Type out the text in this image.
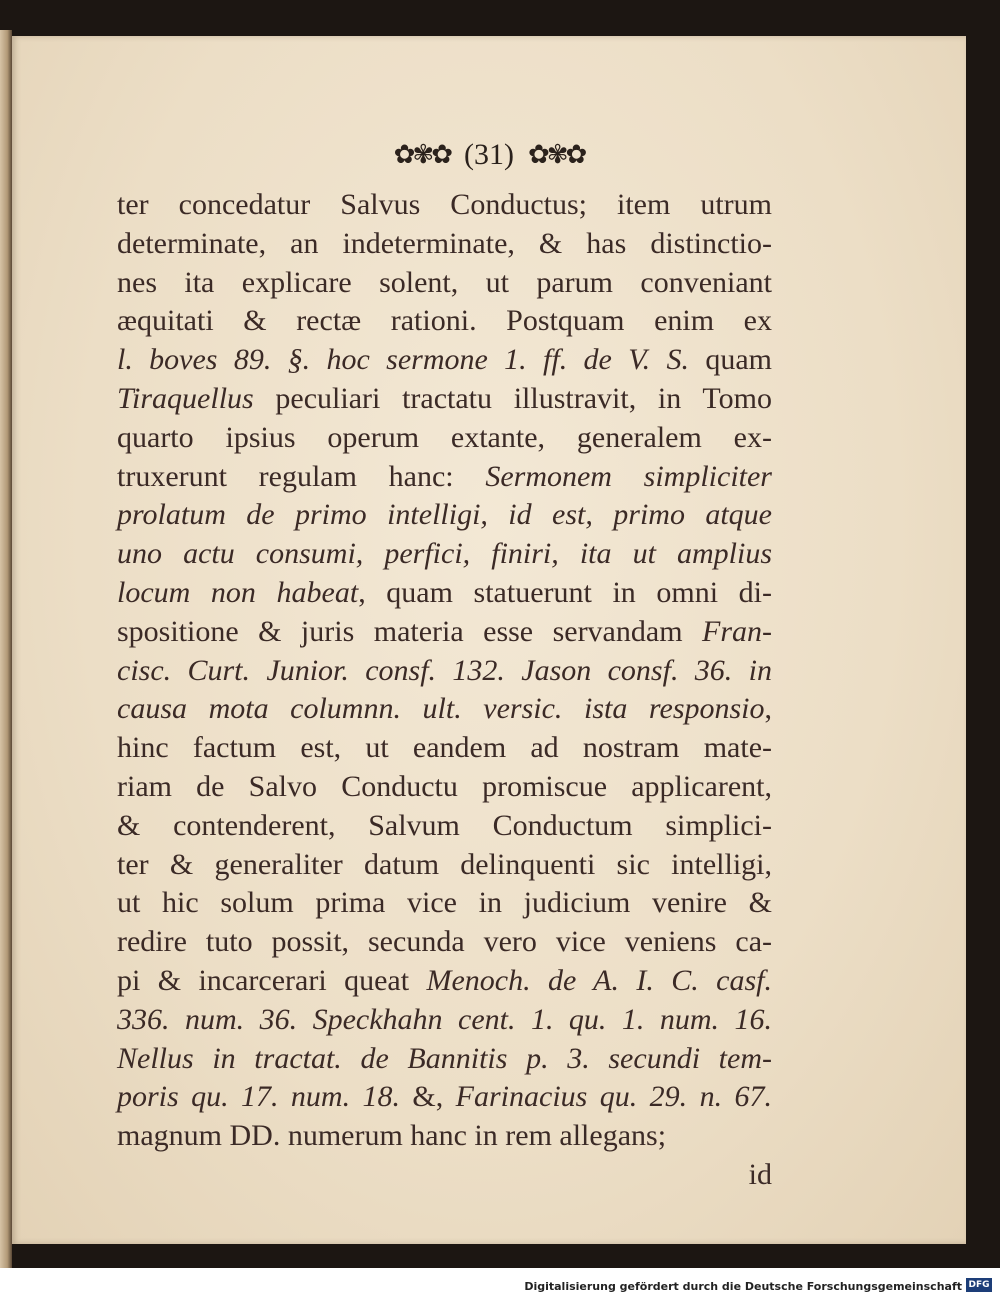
✿✾✿ (31) ✿✾✿
ter concedatur Salvus Conductus; item utrum
determinate, an indeterminate, & has distinctio-
nes ita explicare solent, ut parum conveniant
æquitati & rectæ rationi. Postquam enim ex
l. boves 89. §. hoc sermone 1. ff. de V. S. quam
Tiraquellus peculiari tractatu illustravit, in Tomo
quarto ipsius operum extante, generalem ex-
truxerunt regulam hanc: Sermonem simpliciter
prolatum de primo intelligi, id est, primo atque
uno actu consumi, perfici, finiri, ita ut amplius
locum non habeat, quam statuerunt in omni di-
spositione & juris materia esse servandam Fran-
cisc. Curt. Junior. consf. 132. Jason consf. 36. in
causa mota columnn. ult. versic. ista responsio,
hinc factum est, ut eandem ad nostram mate-
riam de Salvo Conductu promiscue applicarent,
& contenderent, Salvum Conductum simplici-
ter & generaliter datum delinquenti sic intelligi,
ut hic solum prima vice in judicium venire &
redire tuto possit, secunda vero vice veniens ca-
pi & incarcerari queat Menoch. de A. I. C. casf.
336. num. 36. Speckhahn cent. 1. qu. 1. num. 16.
Nellus in tractat. de Bannitis p. 3. secundi tem-
poris qu. 17. num. 18. &, Farinacius qu. 29. n. 67.
magnum DD. numerum hanc in rem allegans;
id
Digitalisierung gefördert durch die Deutsche Forschungsgemeinschaft DFG
